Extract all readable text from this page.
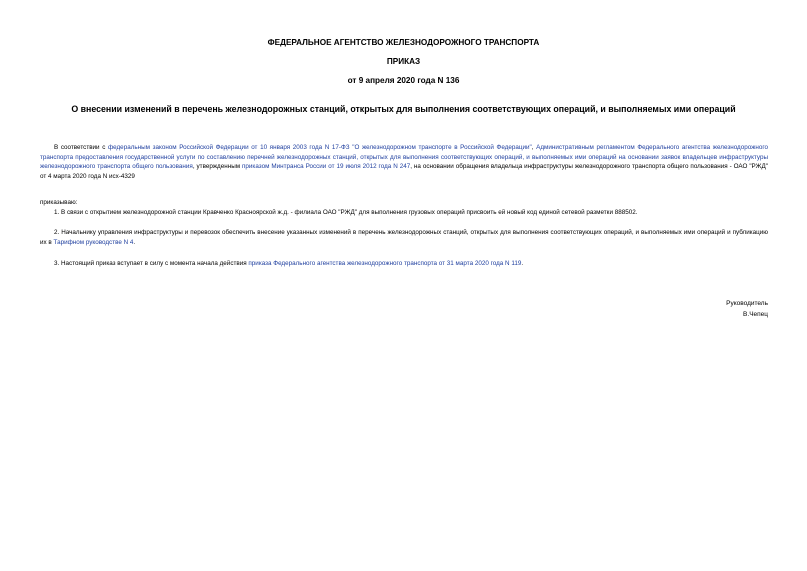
ФЕДЕРАЛЬНОЕ АГЕНТСТВО ЖЕЛЕЗНОДОРОЖНОГО ТРАНСПОРТА
ПРИКАЗ
от 9 апреля 2020 года N 136
О внесении изменений в перечень железнодорожных станций, открытых для выполнения соответствующих операций, и выполняемых ими операций
В соответствии с федеральным законом Российской Федерации от 10 января 2003 года N 17-ФЗ "О железнодорожном транспорте в Российской Федерации", Административным регламентом Федерального агентства железнодорожного транспорта предоставления государственной услуги по составлению перечней железнодорожных станций, открытых для выполнения соответствующих операций, и выполняемых ими операций на основании заявок владельцев инфраструктуры железнодорожного транспорта общего пользования, утвержденным приказом Минтранса России от 19 июля 2012 года N 247, на основании обращения владельца инфраструктуры железнодорожного транспорта общего пользования - ОАО "РЖД" от 4 марта 2020 года N исх-4329
приказываю:
1. В связи с открытием железнодорожной станции Кравченко Красноярской ж.д. - филиала ОАО "РЖД" для выполнения грузовых операций присвоить ей новый код единой сетевой разметки 888502.
2. Начальнику управления инфраструктуры и перевозок обеспечить внесение указанных изменений в перечень железнодорожных станций, открытых для выполнения соответствующих операций, и выполняемых ими операций и публикацию их в Тарифном руководстве N 4.
3. Настоящий приказ вступает в силу с момента начала действия приказа Федерального агентства железнодорожного транспорта от 31 марта 2020 года N 119.
Руководитель
В.Чепец
